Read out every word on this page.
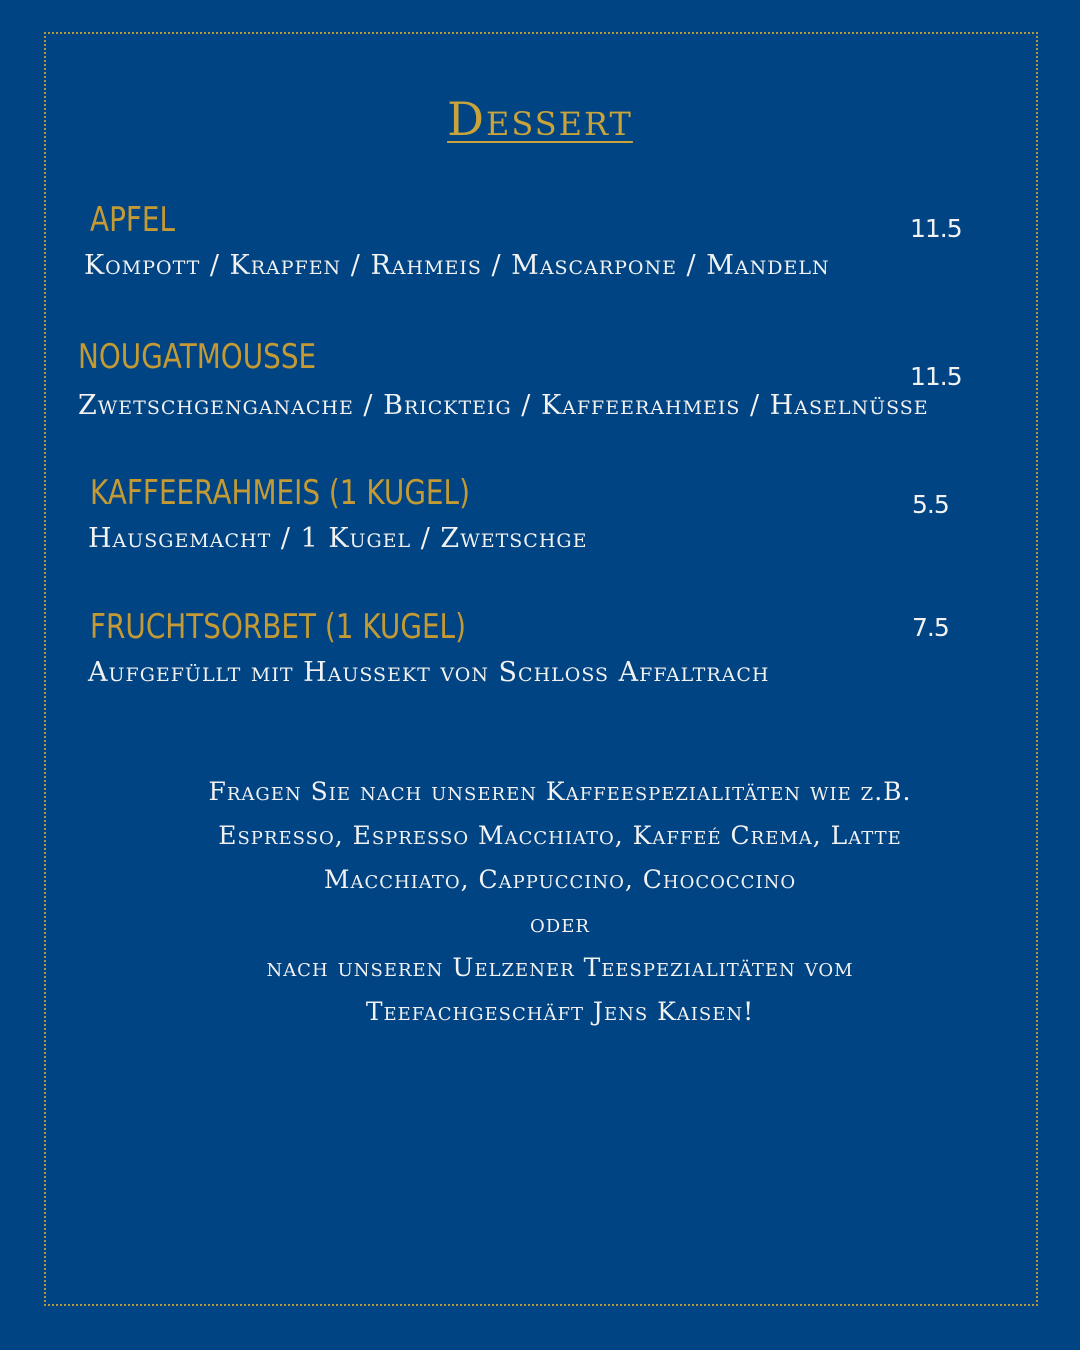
Dessert
APFEL	11.5
Kompott / Krapfen / Rahmeis / Mascarpone / Mandeln
NOUGATMOUSSE	11.5
Zwetschgenganache / Brickteig / Kaffeerahmeis / Haselnüsse
KAFFEERAHMEIS (1 KUGEL)	5.5
Hausgemacht / 1 Kugel / Zwetschge
FRUCHTSORBET (1 KUGEL)	7.5
Aufgefüllt mit Haussekt von Schloss Affaltrach
Fragen Sie nach unseren Kaffeespezialitäten wie z.B.
Espresso, Espresso Macchiato, Kaffeé Crema, Latte
Macchiato, Cappuccino, Chococcino
oder
nach unseren Uelzener Teespezialitäten vom
Teefachgeschäft Jens Kaisen!
